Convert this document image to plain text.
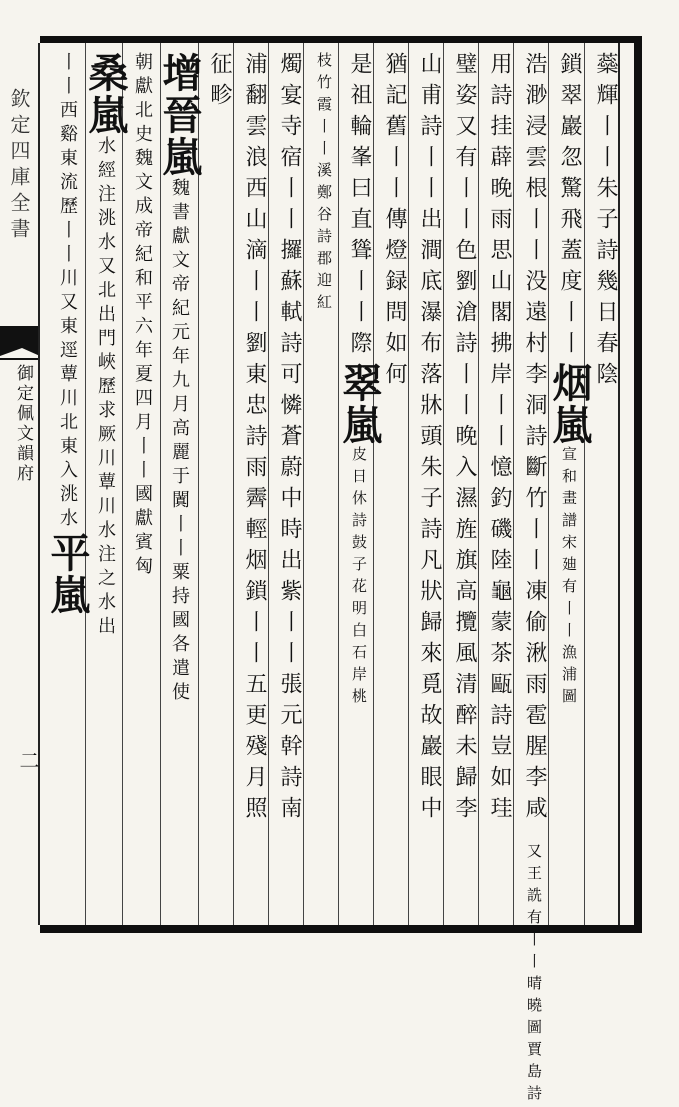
欽定四庫全書
御定佩文韻府
蘂輝丨丨朱子詩幾日春陰
鎖翠巖忽驚飛蓋度丨丨烟嵐宣和畫譜宋廸有丨丨漁浦圖
浩渺浸雲根丨丨没遠村李洞詩斷竹丨丨凍偷湫雨雹腥李咸 又王詵有丨丨晴曉圖賈島詩
用詩挂薜晚雨思山閣拂岸丨丨憶釣磯陸龜蒙茶甌詩豈如珪
璧姿又有丨丨色劉滄詩丨丨晚入濕旌旗高攬風清醉未歸李
山甫詩丨丨出澗底瀑布落牀頭朱子詩凡狀歸來覓故巖眼中
猶記舊丨丨傳燈録問如何
是祖輪峯曰直聳丨丨際翠嵐皮日休詩鼓子花明白石岸桃
枝竹霞丨丨溪鄭谷詩郡迎紅
燭宴寺宿丨丨攞蘇軾詩可憐蒼蔚中時出紫丨丨張元幹詩南
浦翻雲浪西山滴丨丨劉東忠詩雨霽輕烟鎖丨丨五更殘月照
征畛
增晉嵐魏書獻文帝紀元年九月高麗于闐丨丨粟持國各遣使
朝獻北史魏文成帝紀和平六年夏四月丨丨國獻賓匈
桑嵐水經注洮水又北出門峽歷求厥川蕈川水注之水出
丨丨西谿東流歷丨丨川又東逕蕈川北東入洮水平嵐
二
